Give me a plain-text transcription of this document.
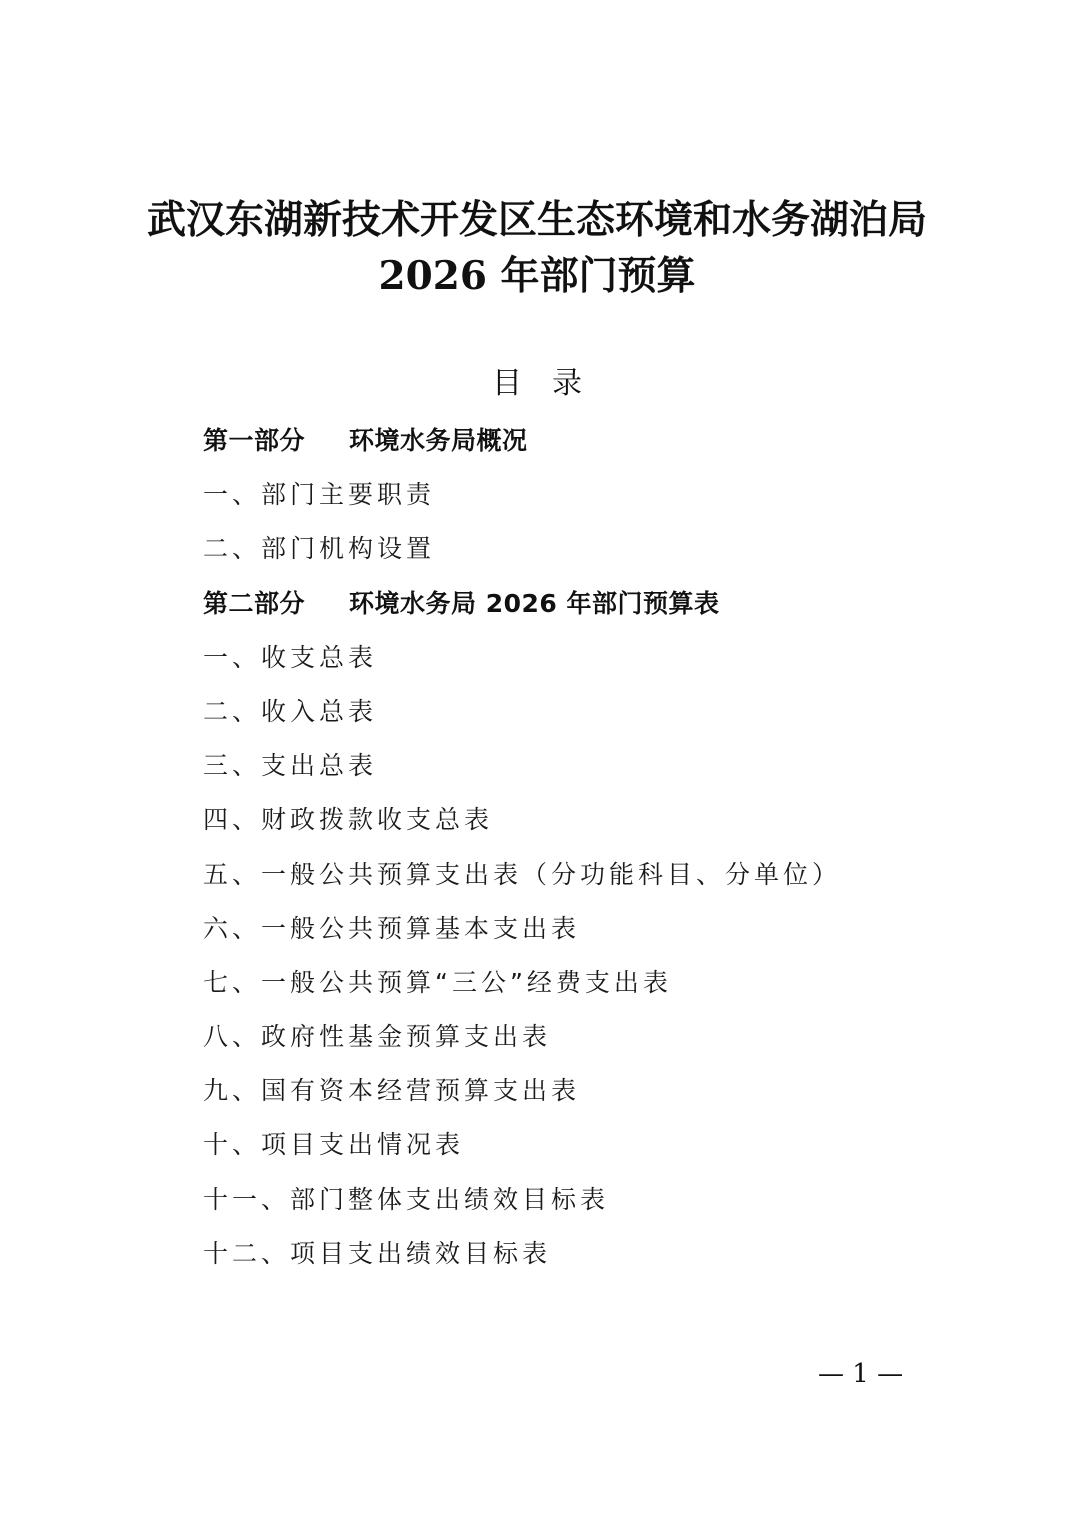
武汉东湖新技术开发区生态环境和水务湖泊局
2026 年部门预算
目录
第一部分 环境水务局概况
一、部门主要职责
二、部门机构设置
第二部分 环境水务局 2026 年部门预算表
一、收支总表
二、收入总表
三、支出总表
四、财政拨款收支总表
五、一般公共预算支出表（分功能科目、分单位）
六、一般公共预算基本支出表
七、一般公共预算“三公”经费支出表
八、政府性基金预算支出表
九、国有资本经营预算支出表
十、项目支出情况表
十一、部门整体支出绩效目标表
十二、项目支出绩效目标表
— 1 —
